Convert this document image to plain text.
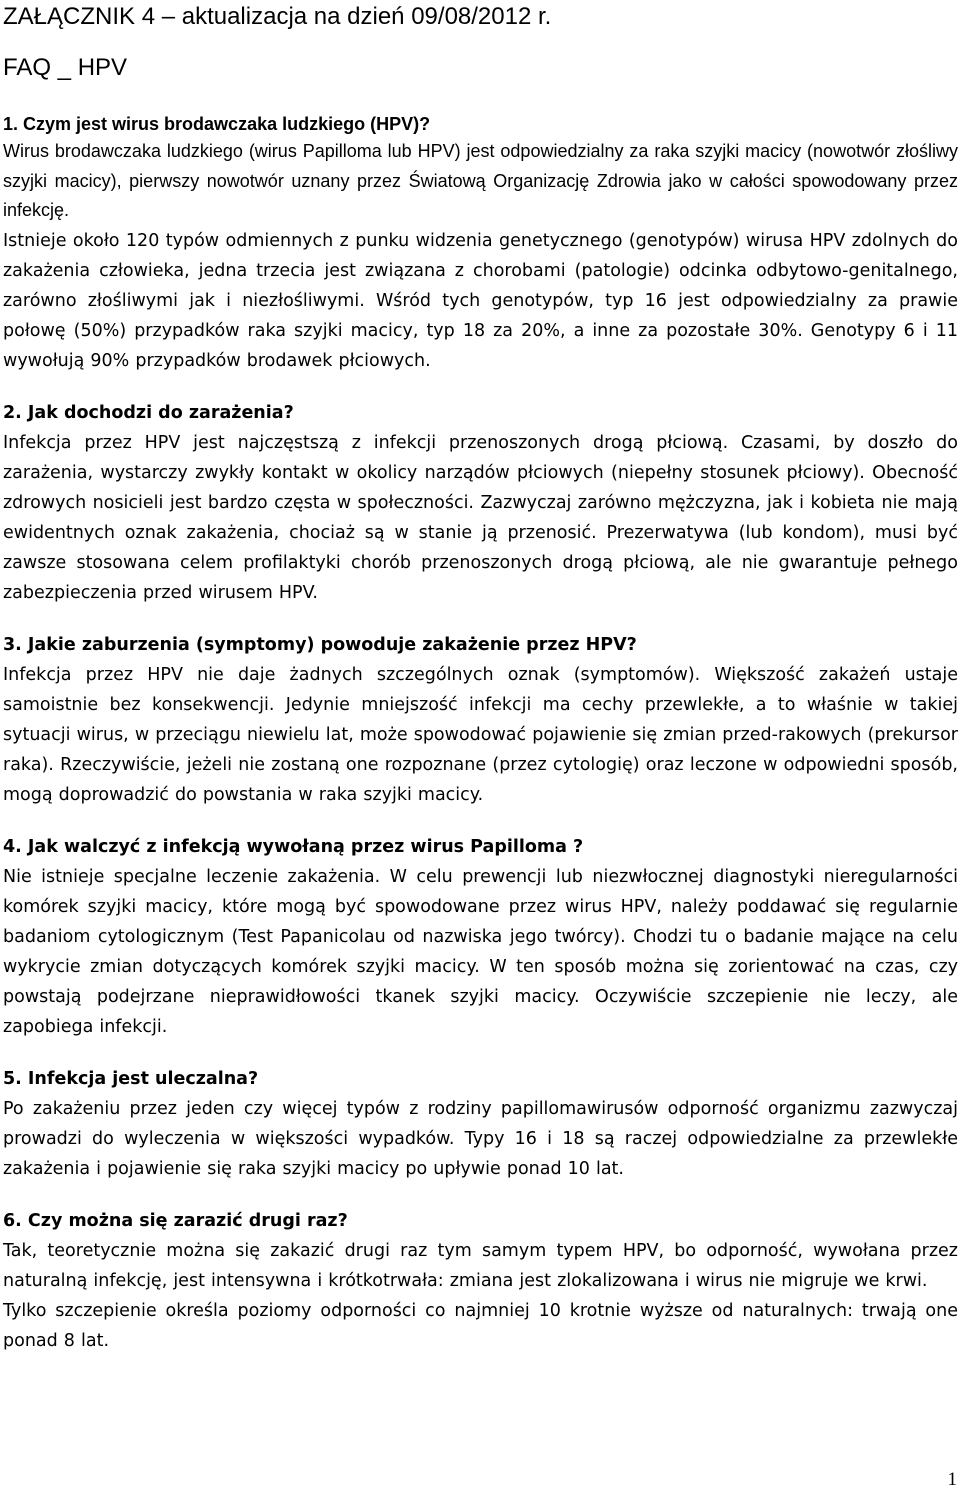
ZAŁĄCZNIK 4 – aktualizacja na dzień 09/08/2012 r.
FAQ _ HPV

1. Czym jest wirus brodawczaka ludzkiego (HPV)?

Wirus brodawczaka ludzkiego (wirus Papilloma lub HPV) jest odpowiedzialny za raka szyjki macicy (nowotwór złośliwy szyjki macicy), pierwszy nowotwór uznany przez Światową Organizację Zdrowia jako w całości spowodowany przez infekcję.

Istnieje około 120 typów odmiennych z punku widzenia genetycznego (genotypów) wirusa HPV zdolnych do zakażenia człowieka, jedna trzecia jest związana z chorobami (patologie) odcinka odbytowo-genitalnego, zarówno złośliwymi jak i niezłośliwymi. Wśród tych genotypów, typ 16 jest odpowiedzialny za prawie połowę (50%) przypadków raka szyjki macicy, typ 18 za 20%, a inne za pozostałe 30%. Genotypy 6 i 11 wywołują 90% przypadków brodawek płciowych.

2. Jak dochodzi do zarażenia?

Infekcja przez HPV jest najczęstszą z infekcji przenoszonych drogą płciową. Czasami, by doszło do zarażenia, wystarczy zwykły kontakt w okolicy narządów płciowych (niepełny stosunek płciowy). Obecność zdrowych nosicieli jest bardzo częsta w społeczności. Zazwyczaj zarówno mężczyzna, jak i kobieta nie mają ewidentnych oznak zakażenia, chociaż są w stanie ją przenosić. Prezerwatywa (lub kondom), musi być zawsze stosowana celem profilaktyki chorób przenoszonych drogą płciową, ale nie gwarantuje pełnego zabezpieczenia przed wirusem HPV.

3. Jakie zaburzenia (symptomy) powoduje zakażenie przez HPV?

Infekcja przez HPV nie daje żadnych szczególnych oznak (symptomów). Większość zakażeń ustaje samoistnie bez konsekwencji. Jedynie mniejszość infekcji ma cechy przewlekłe, a to właśnie w takiej sytuacji wirus, w przeciągu niewielu lat, może spowodować pojawienie się zmian przed-rakowych (prekursor raka). Rzeczywiście, jeżeli nie zostaną one rozpoznane (przez cytologię) oraz leczone w odpowiedni sposób, mogą doprowadzić do powstania w raka szyjki macicy.

4. Jak walczyć z infekcją wywołaną przez wirus Papilloma ?

Nie istnieje specjalne leczenie zakażenia. W celu prewencji lub niezwłocznej diagnostyki nieregularności komórek szyjki macicy, które mogą być spowodowane przez wirus HPV, należy poddawać się regularnie badaniom cytologicznym (Test Papanicolau od nazwiska jego twórcy). Chodzi tu o badanie mające na celu wykrycie zmian dotyczących komórek szyjki macicy. W ten sposób można się zorientować na czas, czy powstają podejrzane nieprawidłowości tkanek szyjki macicy. Oczywiście szczepienie nie leczy, ale zapobiega infekcji.

5. Infekcja jest uleczalna?

Po zakażeniu przez jeden czy więcej typów z rodziny papillomawirusów odporność organizmu zazwyczaj prowadzi do wyleczenia w większości wypadków. Typy 16 i 18 są raczej odpowiedzialne za przewlekłe zakażenia i pojawienie się raka szyjki macicy po upływie ponad 10 lat.

6. Czy można się zarazić drugi raz?

Tak, teoretycznie można się zakazić drugi raz tym samym typem HPV, bo odporność, wywołana przez naturalną infekcję, jest intensywna i krótkotrwała: zmiana jest zlokalizowana i wirus nie migruje we krwi.

Tylko szczepienie określa poziomy odporności co najmniej 10 krotnie wyższe od naturalnych: trwają one ponad 8 lat.

1
